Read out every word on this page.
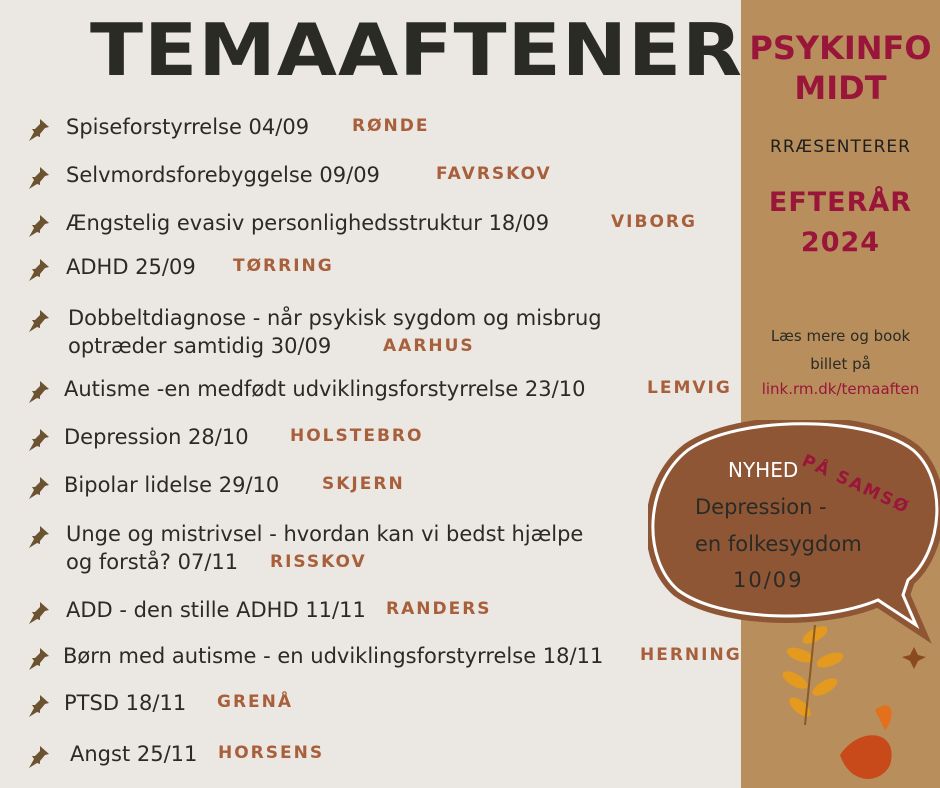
TEMAAFTENER
Spiseforstyrrelse 04/09	RØNDE
Selvmordsforebyggelse 09/09	FAVRSKOV
Ængstelig evasiv personlighedsstruktur 18/09	VIBORG
ADHD 25/09 TØRRING
Dobbeltdiagnose - når psykisk sygdom og misbrug
optræder samtidig 30/09	AARHUS
Autisme -en medfødt udviklingsforstyrrelse 23/10	LEMVIG
Depression 28/10 HOLSTEBRO
Bipolar lidelse 29/10	SKJERN
Unge og mistrivsel - hvordan kan vi bedst hjælpe
og forstå? 07/11 RISSKOV
ADD - den stille ADHD 11/11 RANDERS
Børn med autisme - en udviklingsforstyrrelse 18/11 HERNING
PTSD 18/11 GRENÅ
Angst 25/11 HORSENS
PSYKINFO
MIDT
RRÆSENTERER
EFTERÅR
2024
Læs mere og book
billet på
link.rm.dk/temaaften
NYHED PÅ SAMSØ
Depression -
en folkesygdom
10/09
